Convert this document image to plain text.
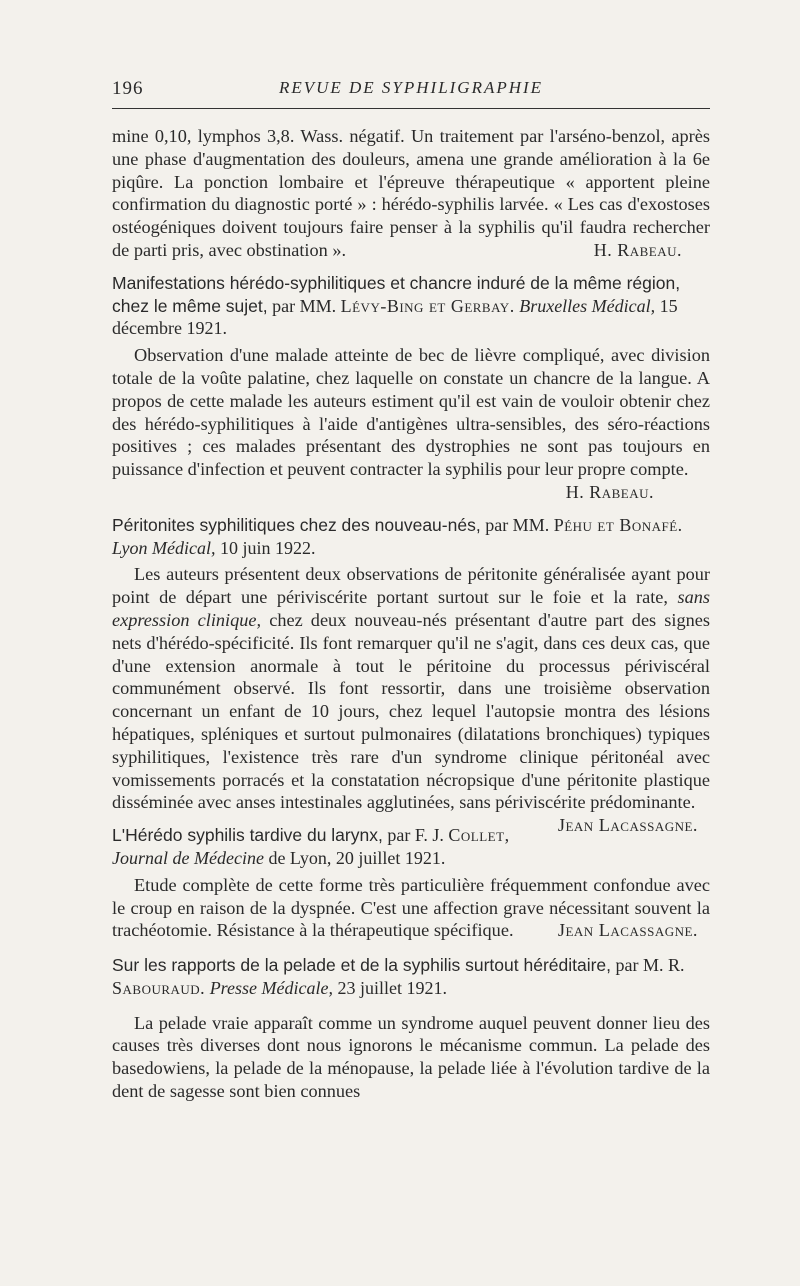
196	REVUE DE SYPHILIGRAPHIE

mine 0,10, lymphos 3,8. Wass. négatif. Un traitement par l'arséno-benzol, après une phase d'augmentation des douleurs, amena une grande amélioration à la 6e piqûre. La ponction lombaire et l'épreuve thérapeutique « apportent pleine confirmation du diagnostic porté » : hérédo-syphilis larvée. « Les cas d'exostoses ostéogéniques doivent toujours faire penser à la syphilis qu'il faudra rechercher de parti pris, avec obstination ».	H. Rabeau.

Manifestations hérédo-syphilitiques et chancre induré de la même région, chez le même sujet, par MM. Lévy-Bing et Gerbay. Bruxelles Médical, 15 décembre 1921.

Observation d'une malade atteinte de bec de lièvre compliqué, avec division totale de la voûte palatine, chez laquelle on constate un chancre de la langue. A propos de cette malade les auteurs estiment qu'il est vain de vouloir obtenir chez des hérédo-syphilitiques à l'aide d'antigènes ultra-sensibles, des séro-réactions positives ; ces malades présentant des dystrophies ne sont pas toujours en puissance d'infection et peuvent contracter la syphilis pour leur propre compte.

H. Rabeau.

Péritonites syphilitiques chez des nouveau-nés, par MM. Péhu et Bonafé. Lyon Médical, 10 juin 1922.

Les auteurs présentent deux observations de péritonite généralisée ayant pour point de départ une périviscérite portant surtout sur le foie et la rate, sans expression clinique, chez deux nouveau-nés présentant d'autre part des signes nets d'hérédo-spécificité. Ils font remarquer qu'il ne s'agit, dans ces deux cas, que d'une extension anormale à tout le péritoine du processus périviscéral communément observé. Ils font ressortir, dans une troisième observation concernant un enfant de 10 jours, chez lequel l'autopsie montra des lésions hépatiques, spléniques et surtout pulmonaires (dilatations bronchiques) typiques syphilitiques, l'existence très rare d'un syndrome clinique péritonéal avec vomissements porracés et la constatation nécropsique d'une péritonite plastique disséminée avec anses intestinales agglutinées, sans périviscérite prédominante.
Jean Lacassagne.

L'Hérédo syphilis tardive du larynx, par F. J. Collet, Journal de Médecine de Lyon, 20 juillet 1921.

Etude complète de cette forme très particulière fréquemment confondue avec le croup en raison de la dyspnée. C'est une affection grave nécessitant souvent la trachéotomie. Résistance à la thérapeutique spécifique.	Jean Lacassagne.

Sur les rapports de la pelade et de la syphilis surtout héréditaire, par M. R. Sabouraud. Presse Médicale, 23 juillet 1921.

La pelade vraie apparaît comme un syndrome auquel peuvent donner lieu des causes très diverses dont nous ignorons le mécanisme commun. La pelade des basedowiens, la pelade de la ménopause, la pelade liée à l'évolution tardive de la dent de sagesse sont bien connues
